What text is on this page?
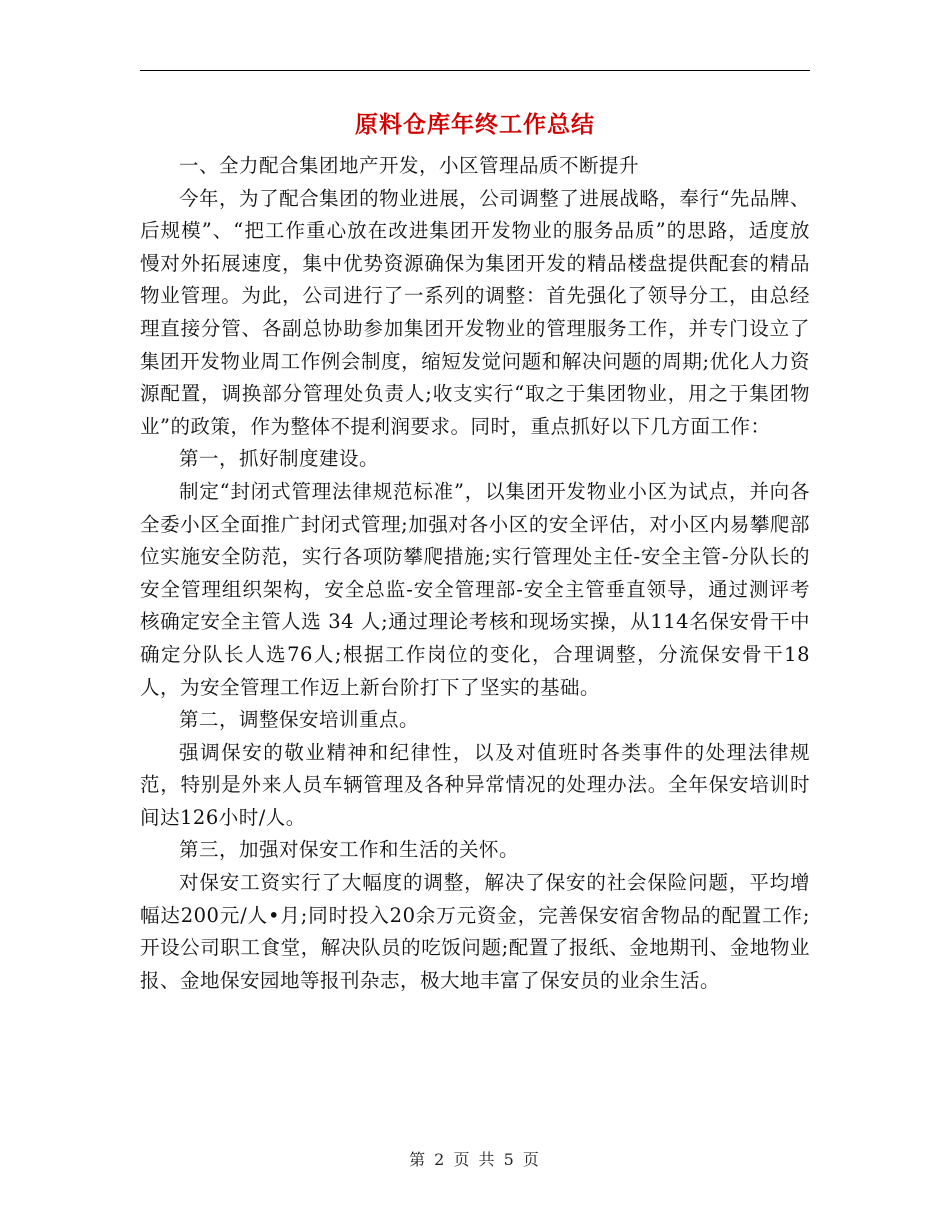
原料仓库年终工作总结

一、全力配合集团地产开发，小区管理品质不断提升

今年，为了配合集团的物业进展，公司调整了进展战略，奉行“先品牌、后规模”、“把工作重心放在改进集团开发物业的服务品质”的思路，适度放慢对外拓展速度，集中优势资源确保为集团开发的精品楼盘提供配套的精品物业管理。为此，公司进行了一系列的调整：首先强化了领导分工，由总经理直接分管、各副总协助参加集团开发物业的管理服务工作，并专门设立了集团开发物业周工作例会制度，缩短发觉问题和解决问题的周期;优化人力资源配置，调换部分管理处负责人;收支实行“取之于集团物业，用之于集团物业”的政策，作为整体不提利润要求。同时，重点抓好以下几方面工作：

第一，抓好制度建设。

制定“封闭式管理法律规范标准”，以集团开发物业小区为试点，并向各全委小区全面推广封闭式管理;加强对各小区的安全评估，对小区内易攀爬部位实施安全防范，实行各项防攀爬措施;实行管理处主任-安全主管-分队长的安全管理组织架构，安全总监-安全管理部-安全主管垂直领导，通过测评考核确定安全主管人选 34 人;通过理论考核和现场实操，从114名保安骨干中确定分队长人选76人;根据工作岗位的变化，合理调整，分流保安骨干18人，为安全管理工作迈上新台阶打下了坚实的基础。

第二，调整保安培训重点。

强调保安的敬业精神和纪律性，以及对值班时各类事件的处理法律规范，特别是外来人员车辆管理及各种异常情况的处理办法。全年保安培训时间达126小时/人。

第三，加强对保安工作和生活的关怀。

对保安工资实行了大幅度的调整，解决了保安的社会保险问题，平均增幅达200元/人•月;同时投入20余万元资金，完善保安宿舍物品的配置工作;开设公司职工食堂，解决队员的吃饭问题;配置了报纸、金地期刊、金地物业报、金地保安园地等报刊杂志，极大地丰富了保安员的业余生活。

第 2 页 共 5 页
